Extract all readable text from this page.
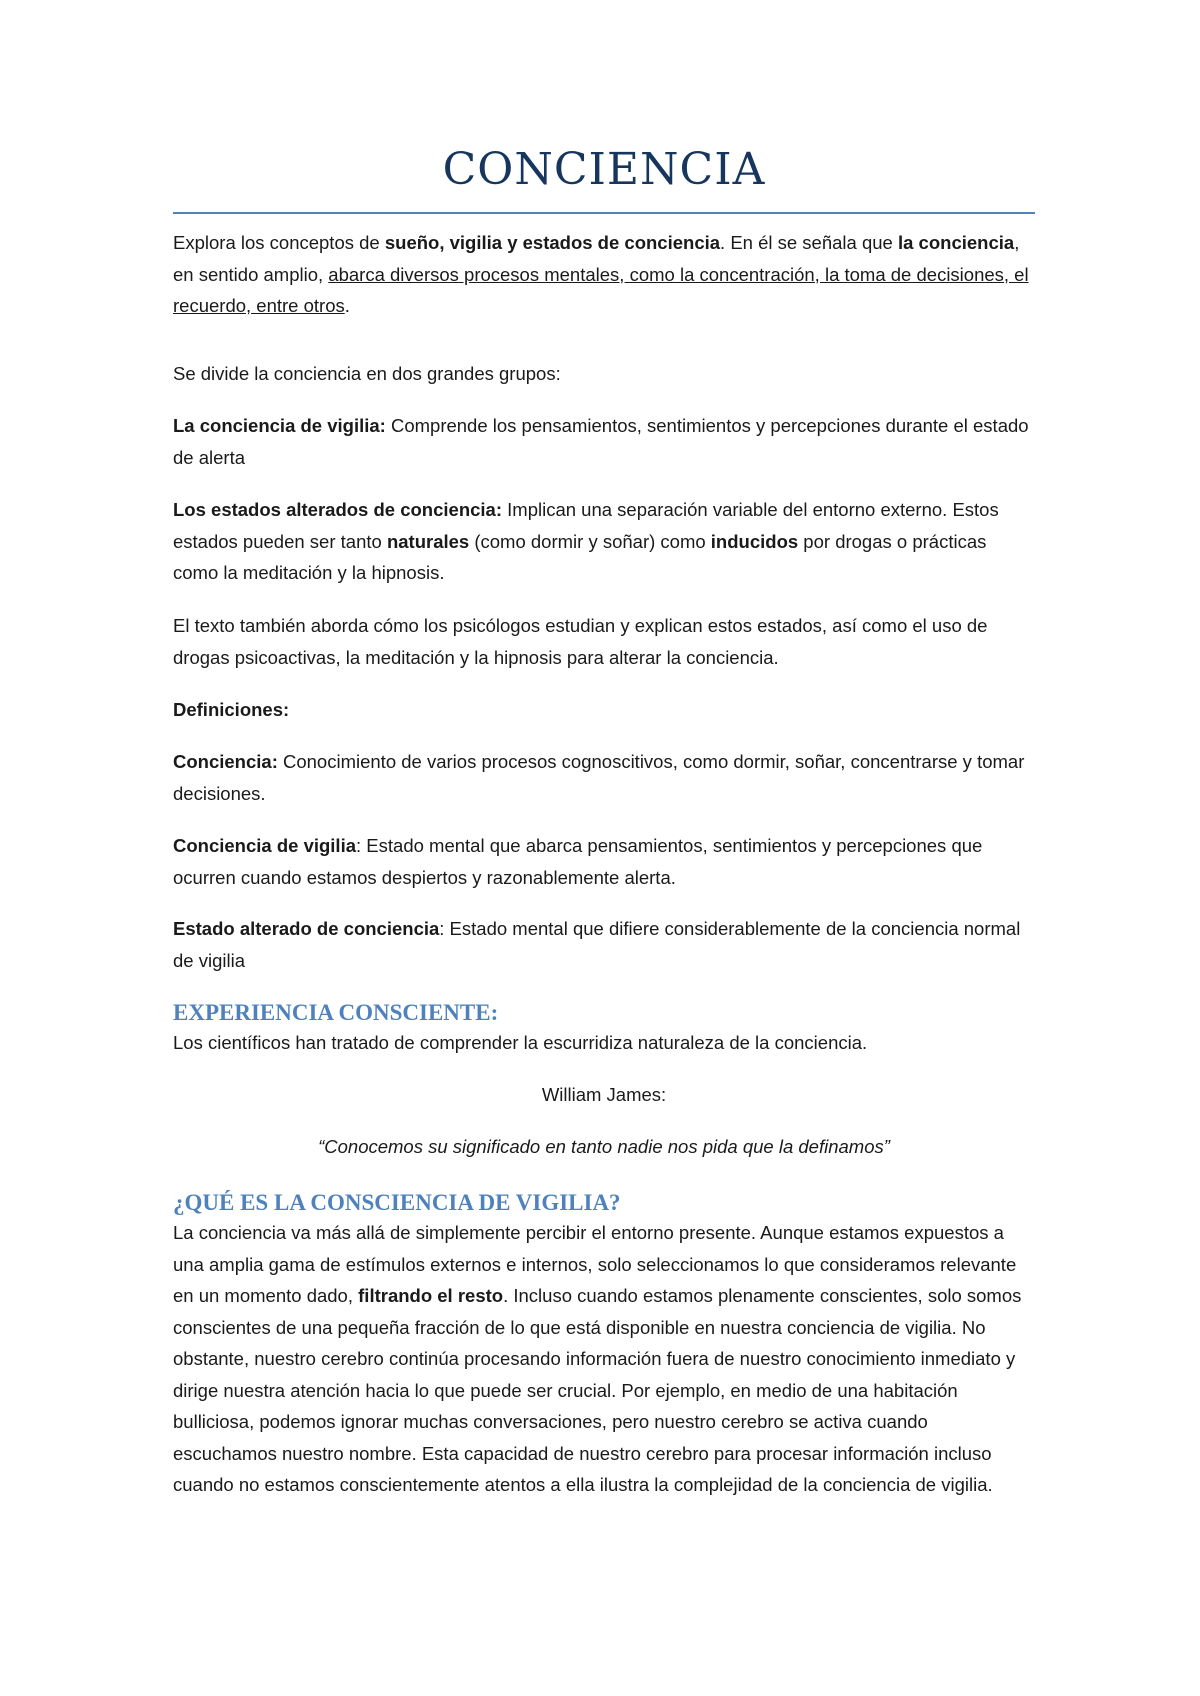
CONCIENCIA

Explora los conceptos de sueño, vigilia y estados de conciencia. En él se señala que la conciencia, en sentido amplio, abarca diversos procesos mentales, como la concentración, la toma de decisiones, el recuerdo, entre otros.

Se divide la conciencia en dos grandes grupos:

La conciencia de vigilia: Comprende los pensamientos, sentimientos y percepciones durante el estado de alerta

Los estados alterados de conciencia: Implican una separación variable del entorno externo. Estos estados pueden ser tanto naturales (como dormir y soñar) como inducidos por drogas o prácticas como la meditación y la hipnosis.

El texto también aborda cómo los psicólogos estudian y explican estos estados, así como el uso de drogas psicoactivas, la meditación y la hipnosis para alterar la conciencia.

Definiciones:

Conciencia: Conocimiento de varios procesos cognoscitivos, como dormir, soñar, concentrarse y tomar decisiones.

Conciencia de vigilia: Estado mental que abarca pensamientos, sentimientos y percepciones que ocurren cuando estamos despiertos y razonablemente alerta.

Estado alterado de conciencia: Estado mental que difiere considerablemente de la conciencia normal de vigilia

EXPERIENCIA CONSCIENTE:

Los científicos han tratado de comprender la escurridiza naturaleza de la conciencia.

William James:

“Conocemos su significado en tanto nadie nos pida que la definamos”

¿QUÉ ES LA CONSCIENCIA DE VIGILIA?

La conciencia va más allá de simplemente percibir el entorno presente. Aunque estamos expuestos a una amplia gama de estímulos externos e internos, solo seleccionamos lo que consideramos relevante en un momento dado, filtrando el resto. Incluso cuando estamos plenamente conscientes, solo somos conscientes de una pequeña fracción de lo que está disponible en nuestra conciencia de vigilia. No obstante, nuestro cerebro continúa procesando información fuera de nuestro conocimiento inmediato y dirige nuestra atención hacia lo que puede ser crucial. Por ejemplo, en medio de una habitación bulliciosa, podemos ignorar muchas conversaciones, pero nuestro cerebro se activa cuando escuchamos nuestro nombre. Esta capacidad de nuestro cerebro para procesar información incluso cuando no estamos conscientemente atentos a ella ilustra la complejidad de la conciencia de vigilia.
